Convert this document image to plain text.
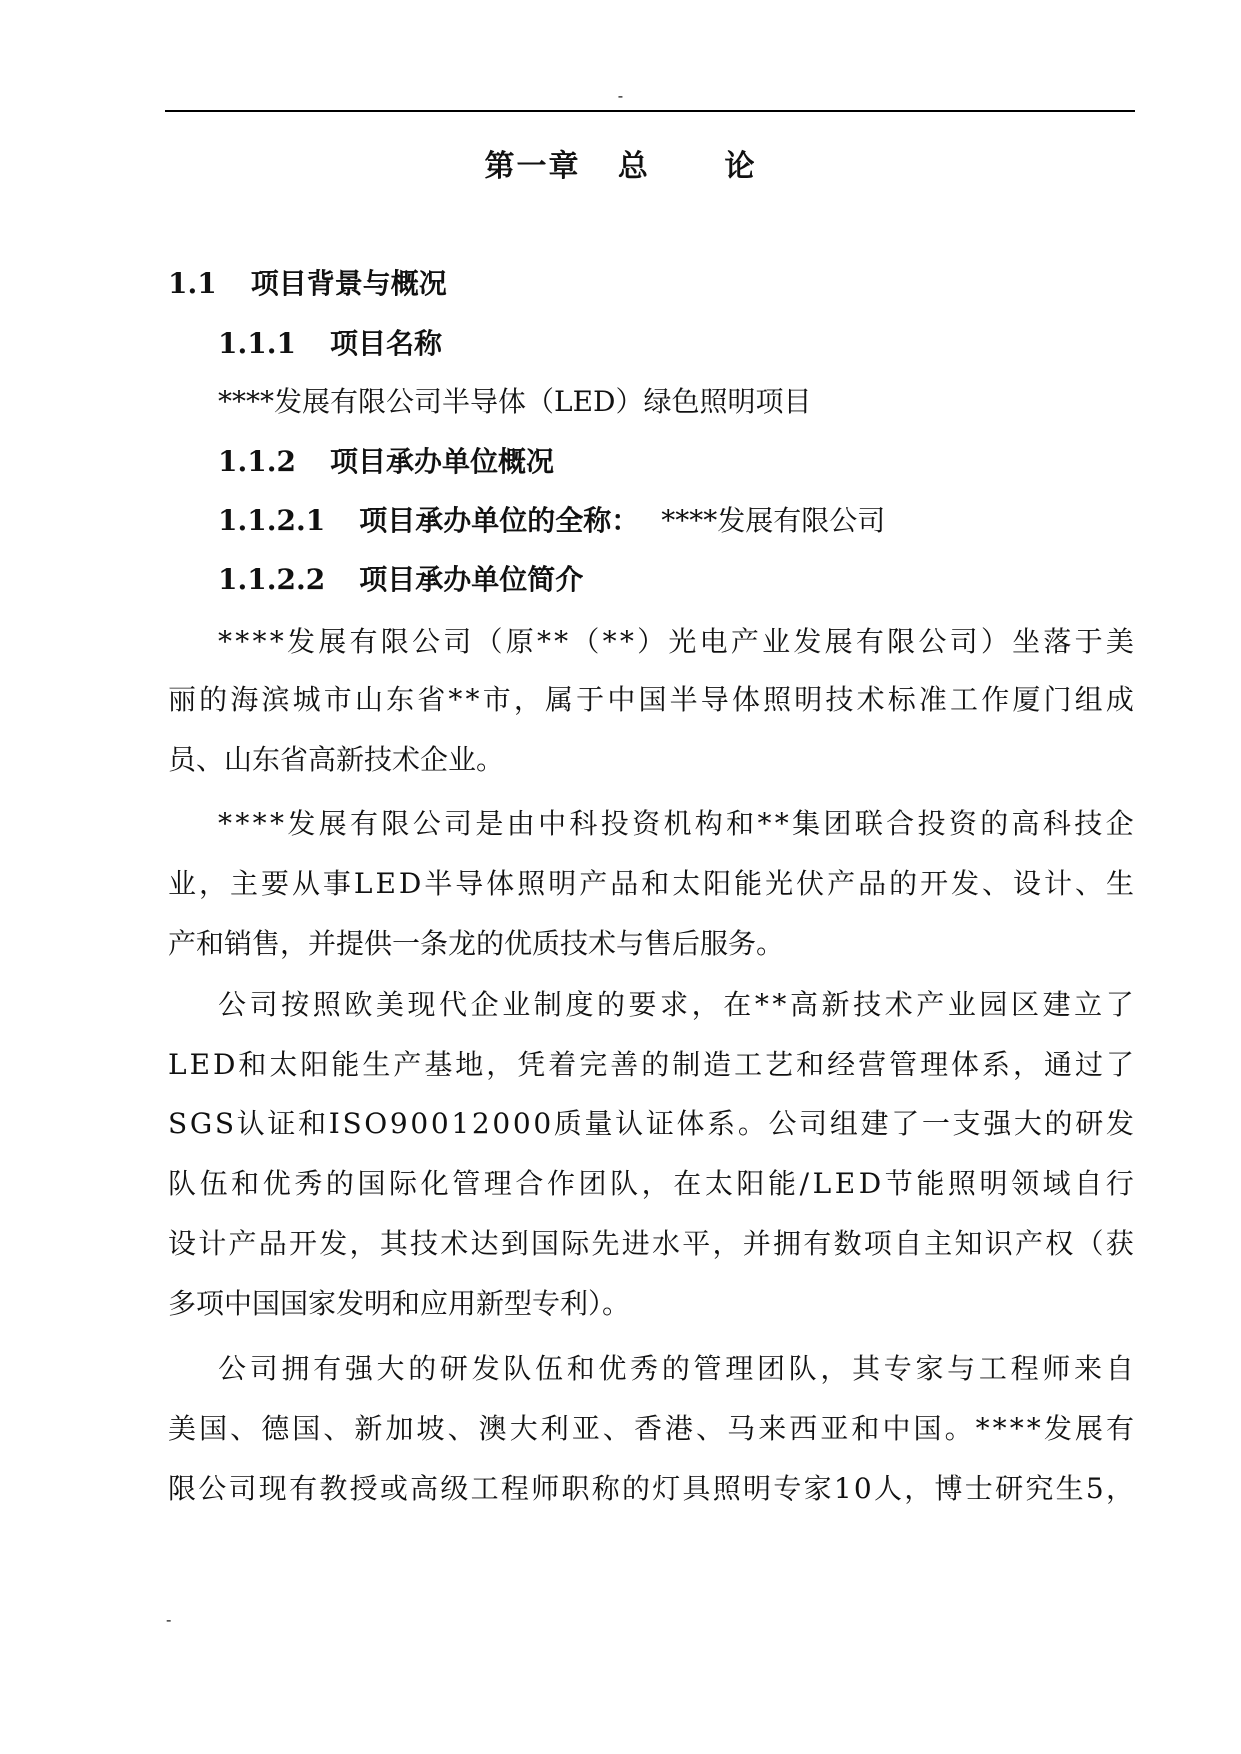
-
第一章   总      论
1.1 项目背景与概况
1.1.1 项目名称
****发展有限公司半导体（LED）绿色照明项目
1.1.2 项目承办单位概况
1.1.2.1 项目承办单位的全称： ****发展有限公司
1.1.2.2 项目承办单位简介
* * * * 发 展 有 限 公 司 （ 原 * * （ * * ） 光 电 产 业 发 展 有 限 公 司 ） 坐 落 于 美
丽 的 海 滨 城 市 山 东 省 * * 市 ， 属 于 中 国 半 导 体 照 明 技 术 标 准 工 作 厦 门 组 成
员、山东省高新技术企业。
* * * * 发 展 有 限 公 司 是 由 中 科 投 资 机 构 和 * * 集 团 联 合 投 资 的 高 科 技 企
业 ， 主 要 从 事 L E D 半 导 体 照 明 产 品 和 太 阳 能 光 伏 产 品 的 开 发 、 设 计 、 生
产和销售，并提供一条龙的优质技术与售后服务。
公 司 按 照 欧 美 现 代 企 业 制 度 的 要 求 ， 在 * * 高 新 技 术 产 业 园 区 建 立 了
L E D 和 太 阳 能 生 产 基 地 ， 凭 着 完 善 的 制 造 工 艺 和 经 营 管 理 体 系 ， 通 过 了
S G S 认 证 和 I S O 9 0 0 1 2 0 0 0 质 量 认 证 体 系 。 公 司 组 建 了 一 支 强 大 的 研 发
队 伍 和 优 秀 的 国 际 化 管 理 合 作 团 队 ， 在 太 阳 能 / L E D 节 能 照 明 领 域 自 行
设 计 产 品 开 发 ， 其 技 术 达 到 国 际 先 进 水 平 ， 并 拥 有 数 项 自 主 知 识 产 权 （ 获
多项中国国家发明和应用新型专利）。
公 司 拥 有 强 大 的 研 发 队 伍 和 优 秀 的 管 理 团 队 ， 其 专 家 与 工 程 师 来 自
美 国 、 德 国 、 新 加 坡 、 澳 大 利 亚 、 香 港 、 马 来 西 亚 和 中 国 。 * * * * 发 展 有
限 公 司 现 有 教 授 或 高 级 工 程 师 职 称 的 灯 具 照 明 专 家 1 0 人 ， 博 士 研 究 生 5 ，
-
